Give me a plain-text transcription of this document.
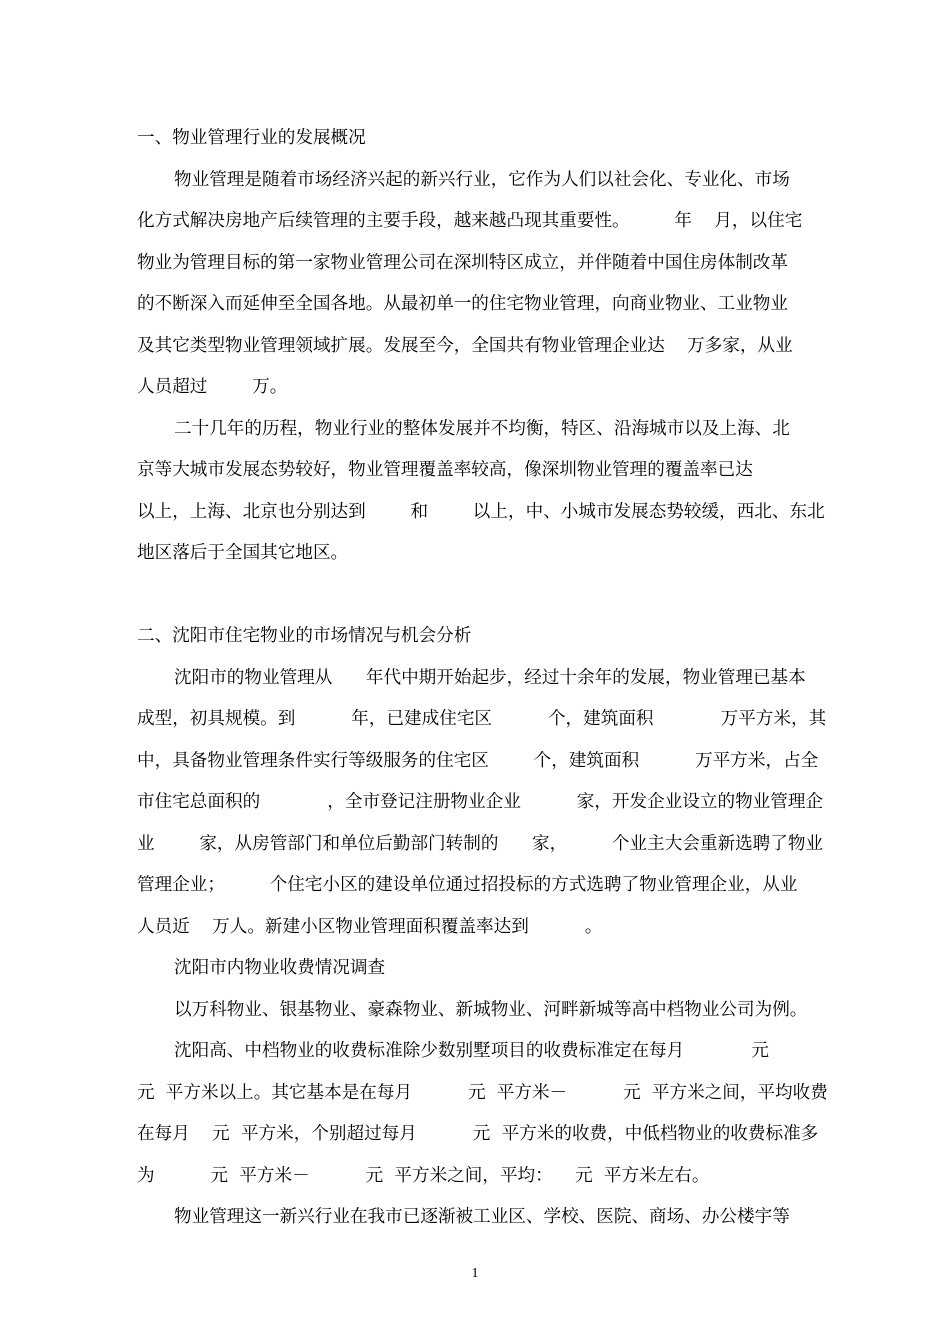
一、物业管理行业的发展概况
物业管理是随着市场经济兴起的新兴行业，它作为人们以社会化、专业化、市场
化方式解决房地产后续管理的主要手段，越来越凸现其重要性。        年    月，以住宅
物业为管理目标的第一家物业管理公司在深圳特区成立，并伴随着中国住房体制改革
的不断深入而延伸至全国各地。从最初单一的住宅物业管理，向商业物业、工业物业
及其它类型物业管理领域扩展。发展至今，全国共有物业管理企业达    万多家，从业
人员超过        万。
二十几年的历程，物业行业的整体发展并不均衡，特区、沿海城市以及上海、北
京等大城市发展态势较好，物业管理覆盖率较高，像深圳物业管理的覆盖率已达
以上，上海、北京也分别达到        和        以上，中、小城市发展态势较缓，西北、东北
地区落后于全国其它地区。
二、沈阳市住宅物业的市场情况与机会分析
沈阳市的物业管理从      年代中期开始起步，经过十余年的发展，物业管理已基本
成型，初具规模。到          年，已建成住宅区          个，建筑面积            万平方米，其
中，具备物业管理条件实行等级服务的住宅区        个，建筑面积          万平方米，占全
市住宅总面积的            ，全市登记注册物业企业          家，开发企业设立的物业管理企
业        家，从房管部门和单位后勤部门转制的      家，        个业主大会重新选聘了物业
管理企业；        个住宅小区的建设单位通过招投标的方式选聘了物业管理企业，从业
人员近    万人。新建小区物业管理面积覆盖率达到          。
沈阳市内物业收费情况调查
以万科物业、银基物业、豪森物业、新城物业、河畔新城等高中档物业公司为例。
沈阳高、中档物业的收费标准除少数别墅项目的收费标准定在每月            元
元  平方米以上。其它基本是在每月          元  平方米－          元  平方米之间，平均收费
在每月    元  平方米，个别超过每月          元  平方米的收费，中低档物业的收费标准多
为          元  平方米－          元  平方米之间，平均：    元  平方米左右。
物业管理这一新兴行业在我市已逐渐被工业区、学校、医院、商场、办公楼宇等
1
